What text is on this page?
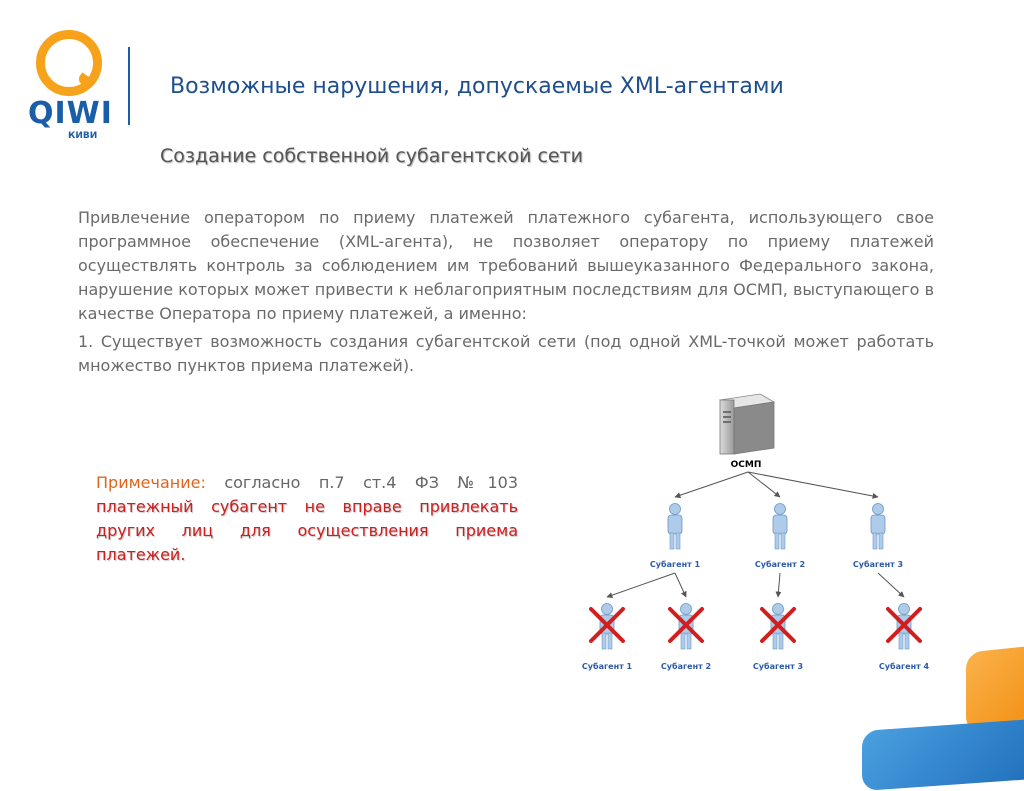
QIWI
КИВИ
Возможные нарушения, допускаемые XML-агентами
Создание собственной субагентской сети

Привлечение оператором по приему платежей платежного субагента, использующего свое программное обеспечение (XML-агента), не позволяет оператору по приему платежей осуществлять контроль за соблюдением им требований вышеуказанного Федерального закона, нарушение которых может привести к неблагоприятным последствиям для ОСМП, выступающего в качестве Оператора по приему платежей, а именно:

1. Существует возможность создания субагентской сети (под одной XML-точкой может работать множество пунктов приема платежей).

Примечание: согласно п.7 ст.4 ФЗ №103 платежный субагент не вправе привлекать других лиц для осуществления приема платежей.
ОСМП
Субагент 1	Субагент 2	Субагент 3
Субагент 1	Субагент 2	Субагент 3	Субагент 4
